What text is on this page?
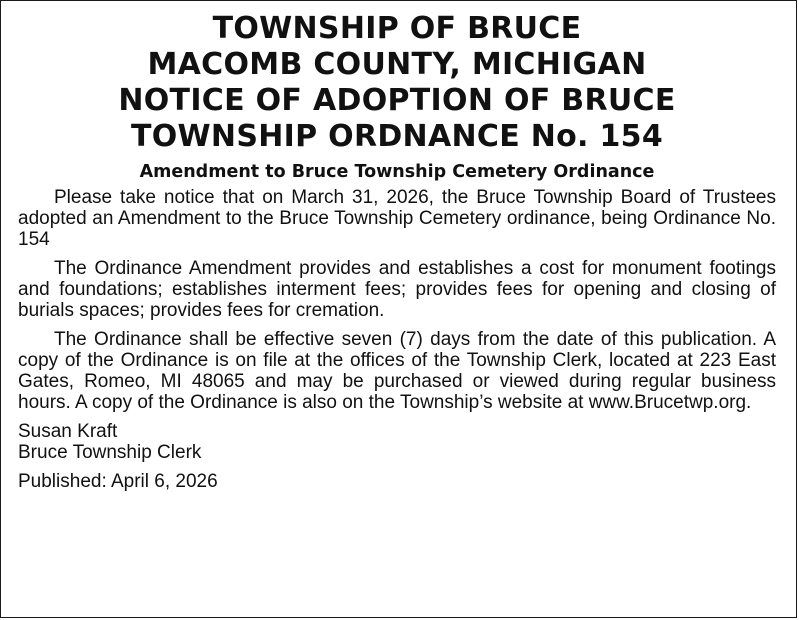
TOWNSHIP OF BRUCE
MACOMB COUNTY, MICHIGAN
NOTICE OF ADOPTION OF BRUCE
TOWNSHIP ORDNANCE No. 154
Amendment to Bruce Township Cemetery Ordinance

Please take notice that on March 31, 2026, the Bruce Township Board of Trustees adopted an Amendment to the Bruce Township Cemetery ordinance, being Ordinance No. 154

The Ordinance Amendment provides and establishes a cost for monument footings and foundations; establishes interment fees; provides fees for opening and closing of burials spaces; provides fees for cremation.

The Ordinance shall be effective seven (7) days from the date of this publication. A copy of the Ordinance is on file at the offices of the Township Clerk, located at 223 East Gates, Romeo, MI 48065 and may be purchased or viewed during regular business hours. A copy of the Ordinance is also on the Township’s website at www.Brucetwp.org.

Susan Kraft
Bruce Township Clerk

Published: April 6, 2026
